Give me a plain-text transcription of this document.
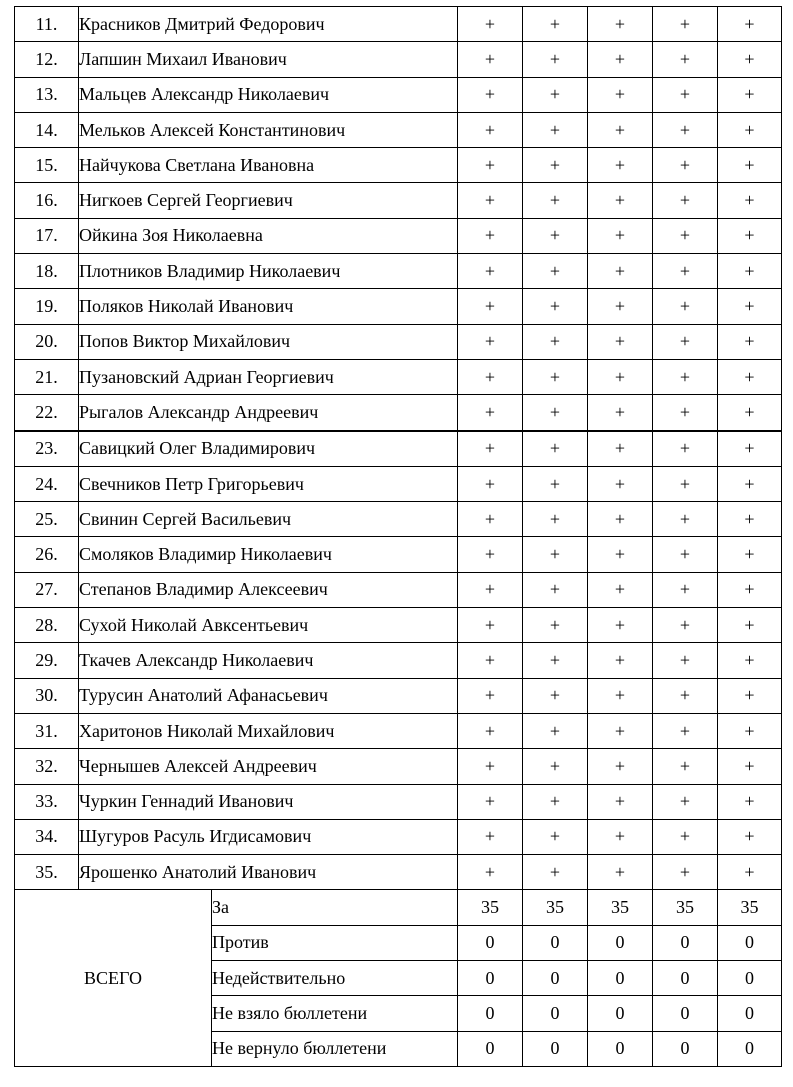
11.	Красников Дмитрий Федорович		+	+	+	+	+
12.	Лапшин Михаил Иванович		+	+	+	+	+
13.	Мальцев Александр Николаевич		+	+	+	+	+
14.	Мельков Алексей Константинович		+	+	+	+	+
15.	Найчукова Светлана Ивановна		+	+	+	+	+
16.	Нигкоев Сергей Георгиевич		+	+	+	+	+
17.	Ойкина Зоя Николаевна		+	+	+	+	+
18.	Плотников Владимир Николаевич		+	+	+	+	+
19.	Поляков Николай Иванович		+	+	+	+	+
20.	Попов Виктор Михайлович		+	+	+	+	+
21.	Пузановский Адриан Георгиевич		+	+	+	+	+
22.	Рыгалов Александр Андреевич		+	+	+	+	+
23.	Савицкий Олег Владимирович		+	+	+	+	+
24.	Свечников Петр Григорьевич		+	+	+	+	+
25.	Свинин Сергей Васильевич		+	+	+	+	+
26.	Смоляков Владимир Николаевич		+	+	+	+	+
27.	Степанов Владимир Алексеевич		+	+	+	+	+
28.	Сухой Николай Авксентьевич		+	+	+	+	+
29.	Ткачев Александр Николаевич		+	+	+	+	+
30.	Турусин Анатолий Афанасьевич		+	+	+	+	+
31.	Харитонов Николай Михайлович		+	+	+	+	+
32.	Чернышев Алексей Андреевич		+	+	+	+	+
33.	Чуркин Геннадий Иванович		+	+	+	+	+
34.	Шугуров Расуль Игдисамович		+	+	+	+	+
35.	Ярошенко Анатолий Иванович		+	+	+	+	+
ВСЕГО		За	35	35	35	35	35
		Против	0	0	0	0	0
		Недействительно	0	0	0	0	0
		Не взяло бюллетени	0	0	0	0	0
		Не вернуло бюллетени	0	0	0	0	0
